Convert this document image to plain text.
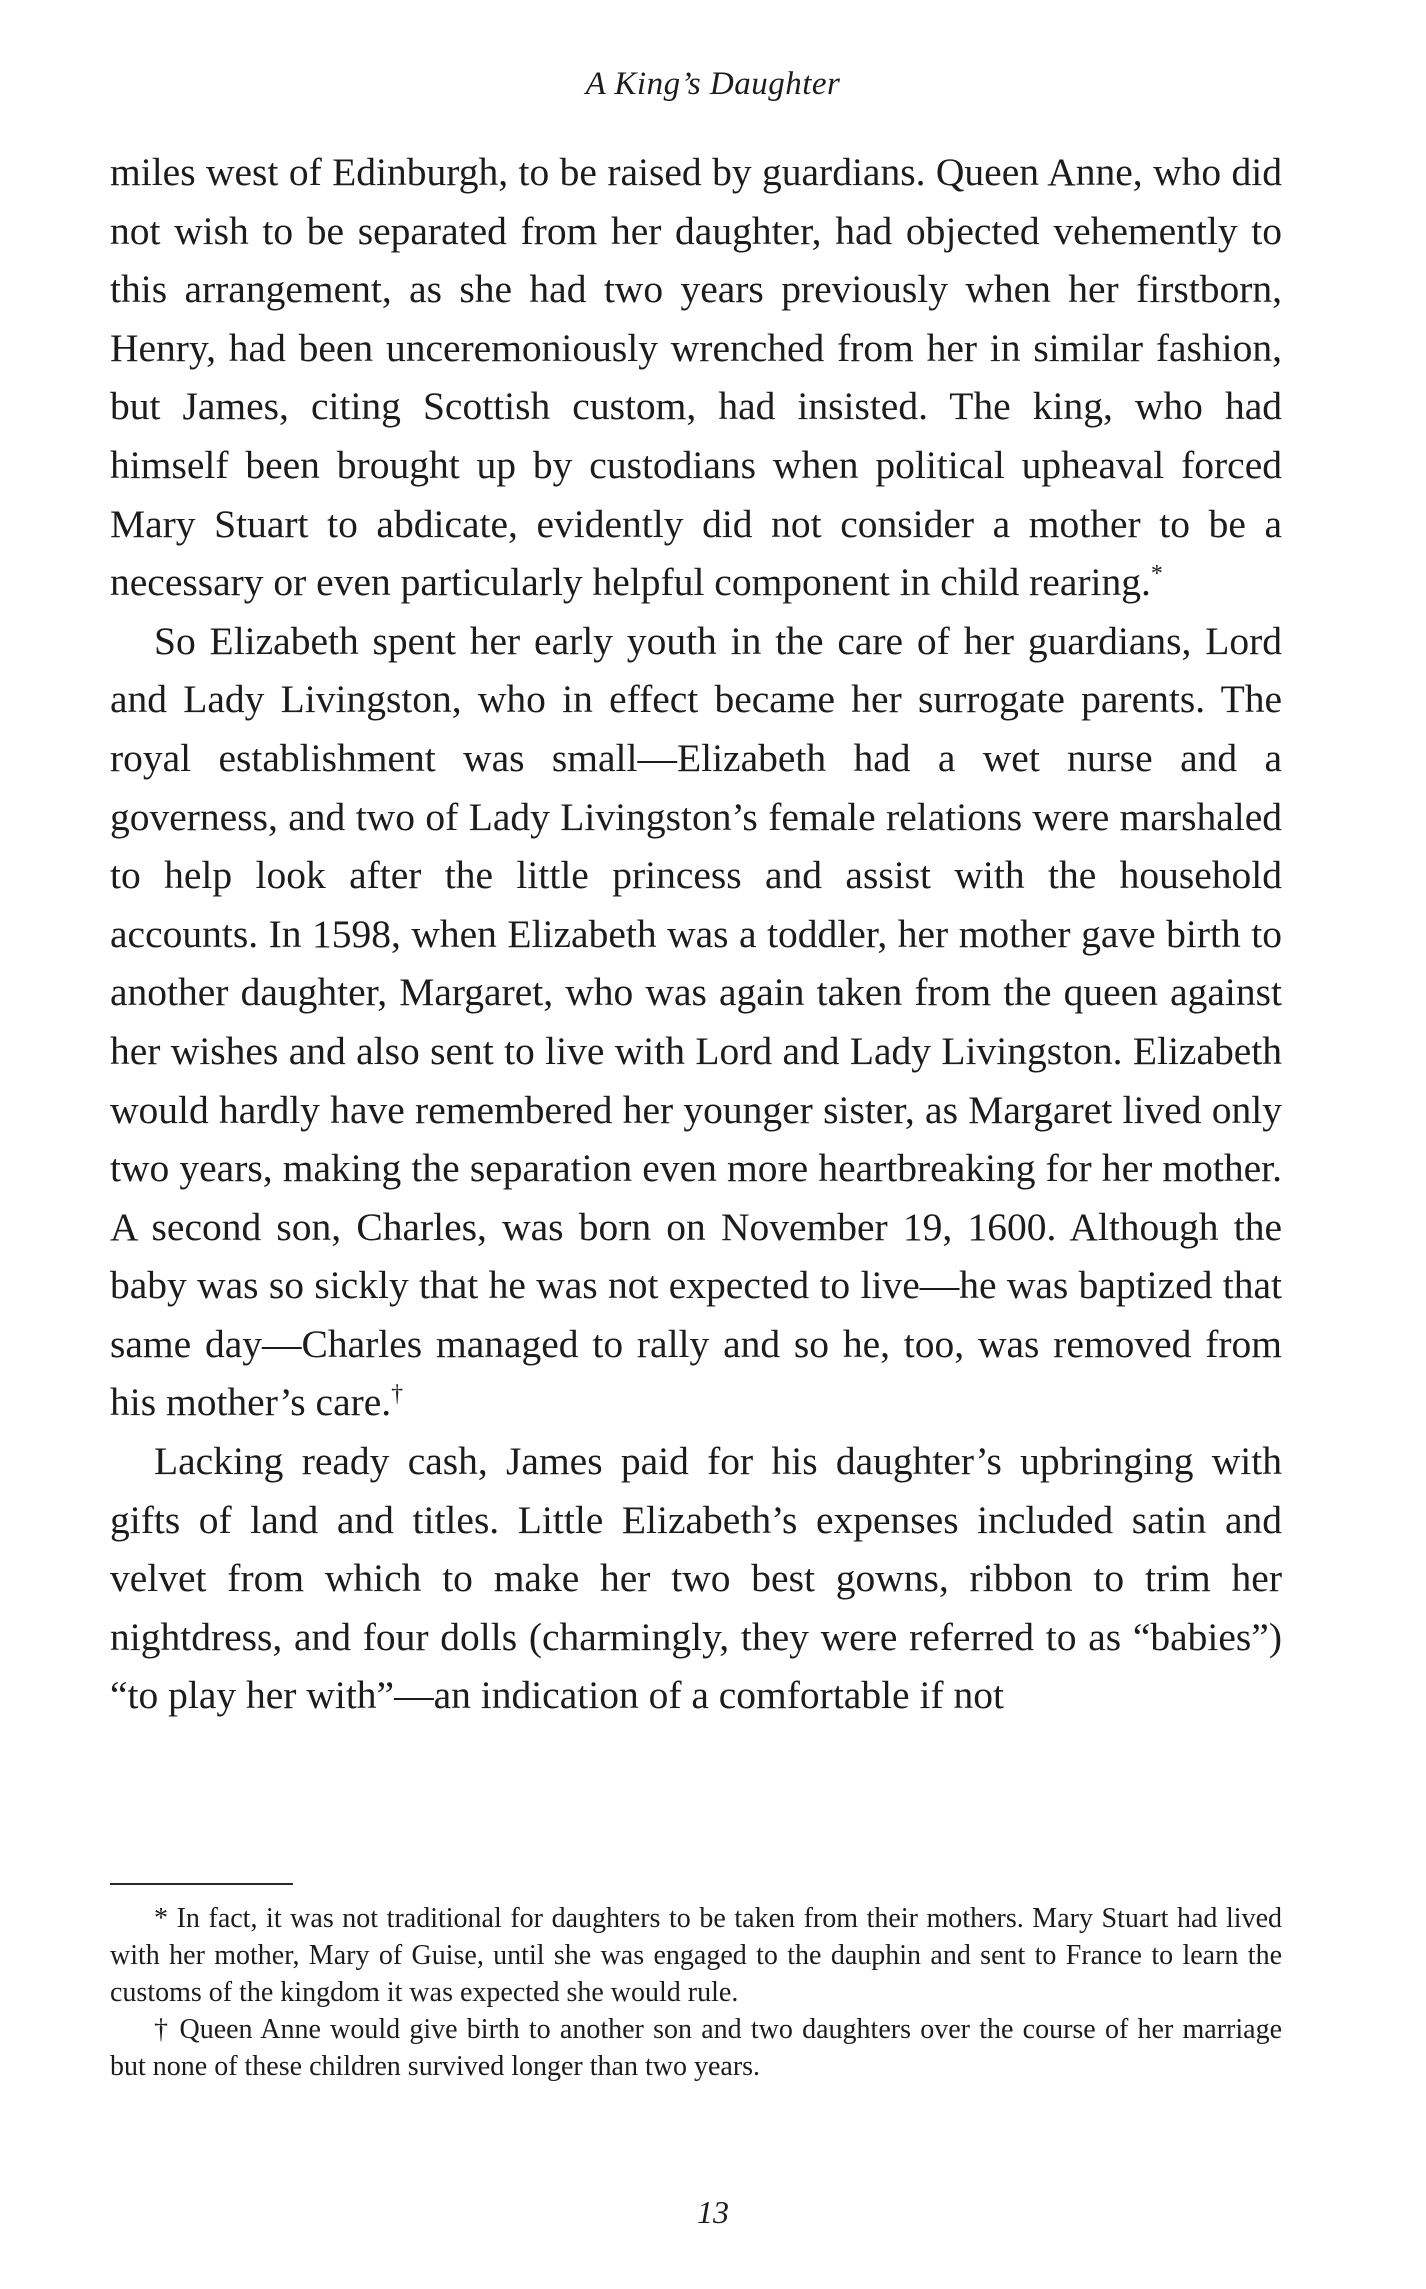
A King’s Daughter

miles west of Edinburgh, to be raised by guardians. Queen Anne, who did not wish to be separated from her daughter, had objected vehemently to this arrangement, as she had two years previously when her firstborn, Henry, had been unceremoniously wrenched from her in similar fashion, but James, citing Scottish custom, had insisted. The king, who had himself been brought up by custodians when political upheaval forced Mary Stuart to abdicate, evidently did not consider a mother to be a necessary or even particularly helpful component in child rearing.*

So Elizabeth spent her early youth in the care of her guardians, Lord and Lady Livingston, who in effect became her surrogate parents. The royal establishment was small—Elizabeth had a wet nurse and a governess, and two of Lady Livingston’s female relations were marshaled to help look after the little princess and assist with the household accounts. In 1598, when Elizabeth was a toddler, her mother gave birth to another daughter, Margaret, who was again taken from the queen against her wishes and also sent to live with Lord and Lady Livingston. Elizabeth would hardly have remembered her younger sister, as Margaret lived only two years, making the separation even more heartbreaking for her mother. A second son, Charles, was born on November 19, 1600. Although the baby was so sickly that he was not expected to live—he was baptized that same day—Charles managed to rally and so he, too, was removed from his mother’s care.†

Lacking ready cash, James paid for his daughter’s upbringing with gifts of land and titles. Little Elizabeth’s expenses included satin and velvet from which to make her two best gowns, ribbon to trim her nightdress, and four dolls (charmingly, they were referred to as “babies”) “to play her with”—an indication of a comfortable if not

* In fact, it was not traditional for daughters to be taken from their mothers. Mary Stuart had lived with her mother, Mary of Guise, until she was engaged to the dauphin and sent to France to learn the customs of the kingdom it was expected she would rule.

† Queen Anne would give birth to another son and two daughters over the course of her marriage but none of these children survived longer than two years.

13
